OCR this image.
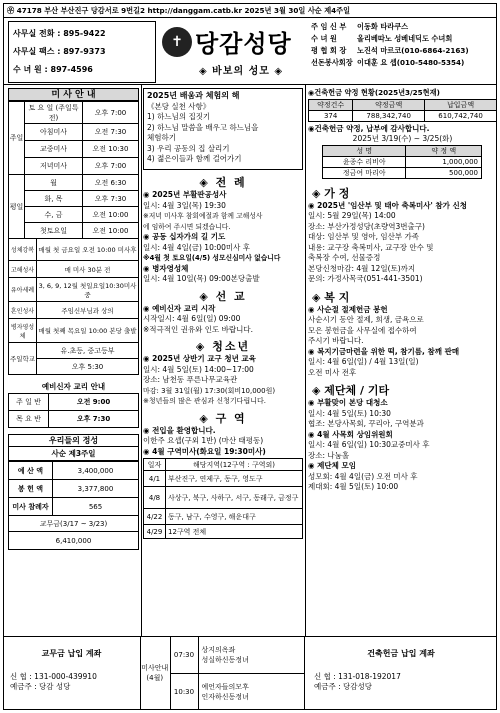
㉾ 47178 부산 부산진구 당감서로 9번길2 http://danggam.catb.kr 2025년 3월 30일 사순 제4주일
사무실 전화 : 895-9422
사무실 팩스 : 897-9373
수 녀 원 : 897-4596
✝ 당감성당
◈ 바보의 성모 ◈
주 임 신 부	이동화 타라쿠스
수 녀 원	올리베따노 성베네딕도 수녀회
평 협 회 장	노진석 마르코(010-6864-2163)
선돈봉사회장 이대훈 요 셉(010-5480-5354)
미 사 안 내
주일	토 요 일 (주일특전)	오후 7:00
	아침미사	오전 7:30
	교중미사	오전 10:30
	저녁미사	오후 7:00
평일	월	오전 6:30
	화, 목	오후 7:30
	수, 금	오전 10:00
	첫토요일	오전 10:00
성체강복	매월 첫 금요일 오전 10:00 미사후
고해성사	매 미사 30분 전
유아세례	3, 6, 9, 12월 첫일요일10:30미사중
혼인성사	주임신부님과 상의
병자영성체	매월 첫째 목요일 10:00 본당 출발
주일학교	유.초등, 중고등부
	오후 5:30
예비신자 교리 안내
주 일 반	오전 9:00
목 요 반	오후 7:30
우리들의 정성
사순 제3주일
예 산 액	3,400,000
봉 헌 액	3,377,800
미사 참례자	565
교무금(3/17 ~ 3/23)	
6,410,000	
2025년 배움과 체험의 해
《본당 실천 사항》
1) 하느님의 집짓기
2) 하느님 말씀을 배우고 하느님을
체험하기
3) 우리 공동의 집 살리기
4) 젊은이들과 함께 걸어가기
◈ 전 례
◉ 2025년 부활판공성사
일시: 4월 3일(목) 19:30
※저녁 미사후 참회예절과 함께 고해성사
에 임하여 주시면 되겠습니다.
◉ 공동 십자가의 길 기도
일시: 4월 4일(금) 10:00미사 후
※4월 첫 토요일(4/5) 성모신심미사 없습니다
◉ 병자영성체
일시: 4월 10일(목) 09:00본당출발
◈ 선 교
◉ 예비신자 교리 시작
시작일시: 4월 6일(일) 09:00
※적극적인 권유와 인도 바랍니다.
◈ 청소년
◉ 2025년 상반기 교구 청년 교육
일시: 4월 5일(토) 14:00~17:00
장소: 남천동 푸른나무교육관
마감: 3월 31일(월) 17:30(회비10,000원)
※청년들의 많은 관심과 신청기다립니다.
◈ 구 역
◉ 전입을 환영합니다.
이한주 요셉(구외 1반) (마산 태평동)
◉ 4월 구역미사(화요일 19:30미사)
일자	해당지역(12구역 : 구역외)
4/1	부산진구, 연제구, 동구, 영도구
4/8	사상구, 북구, 사하구, 서구, 동래구, 금정구
4/22	동구, 남구, 수영구, 해운대구
4/29	12구역 전체
◉건축헌금 약정 현황(2025년3/25현재)
약정건수	약정금액	납입금액
374	788,342,740	610,742,740
◉건축헌금 약정, 납부에 감사합니다.
2025년 3/19(수) ~ 3/25(화)
성 명	약 정 액
윤종수 리비아	1,000,000
정금여 마리아	500,000
◈ 가 정
◉ 2025년 '임산부 및 태아 축복미사' 참가 신청
일시: 5월 29일(목) 14:00
장소: 부산가정성당(초량역3번출구)
대상: 임산부 및 영아, 임산부 가족
내용: 교구장 축복미사, 교구장 안수 및
축복장 수여, 선물증정
본당신청마감: 4월 12일(토)까지
문의: 가정사목국(051-441-3501)
◈ 복 지
◉ 사순절 절제헌금 봉헌
사순시기 동안 절제, 희생, 금욕으로
모은 봉헌금을 사무실에 접수하여
주시기 바랍니다.
◉ 복지기금마련을 위한 떡, 참기름, 참깨 판매
일시: 4월 6일(일) / 4월 13일(일)
오전 미사 전후
◈ 제단체 / 기타
◉ 부활맞이 본당 대청소
일시: 4월 5일(토) 10:30
협조: 본당사목회, 꾸리아, 구역분과
◉ 4월 사목회 상임위원회
일시: 4월 6일(일) 10:30교중미사 후
장소: 나눔홀
◉ 제단체 모임
성모회: 4월 4일(금) 오전 미사 후
제대회: 4월 5일(토) 10:00
교무금 납입 계좌
신 협 : 131-000-439910
예금주 : 당감 성당
미사안내(4월)	07:30	상지의옥좌
성실하신동정녀
	10:30	예언자들의모후
인자하신동정녀
건축헌금 납입 계좌
신 협 : 131-018-192017
예금주 : 당감성당
